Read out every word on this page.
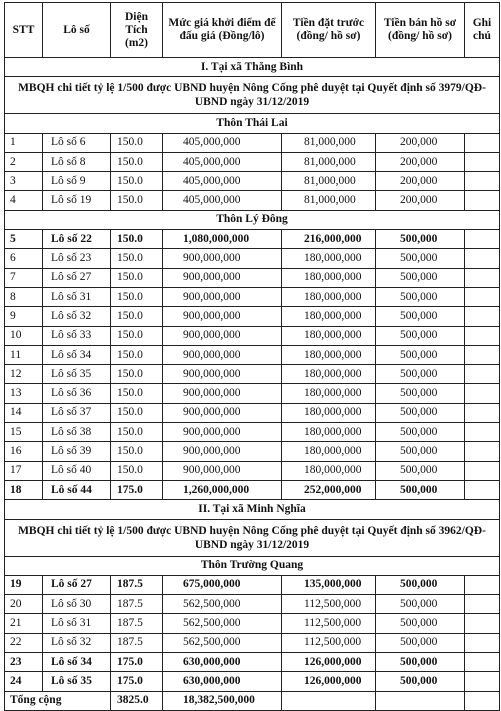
STT	Lô số	Diện Tích (m2)	Mức giá khởi điểm để đấu giá (Đồng/lô)	Tiền đặt trước (đồng/ hồ sơ)	Tiền bán hồ sơ (đồng/ hồ sơ)	Ghi chú
I. Tại xã Thăng Bình						
MBQH chi tiết tỷ lệ 1/500 được UBND huyện Nông Cống phê duyệt tại Quyết định số 3979/QĐ-UBND ngày 31/12/2019						
Thôn Thái Lai						
1	Lô số 6	150.0	405,000,000	81,000,000	200,000	
2	Lô số 8	150.0	405,000,000	81,000,000	200,000	
3	Lô số 9	150.0	405,000,000	81,000,000	200,000	
4	Lô số 19	150.0	405,000,000	81,000,000	200,000	
Thôn Lý Đông						
5	Lô số 22	150.0	1,080,000,000	216,000,000	500,000	
6	Lô số 23	150.0	900,000,000	180,000,000	500,000	
7	Lô số 27	150.0	900,000,000	180,000,000	500,000	
8	Lô số 31	150.0	900,000,000	180,000,000	500,000	
9	Lô số 32	150.0	900,000,000	180,000,000	500,000	
10	Lô số 33	150.0	900,000,000	180,000,000	500,000	
11	Lô số 34	150.0	900,000,000	180,000,000	500,000	
12	Lô số 35	150.0	900,000,000	180,000,000	500,000	
13	Lô số 36	150.0	900,000,000	180,000,000	500,000	
14	Lô số 37	150.0	900,000,000	180,000,000	500,000	
15	Lô số 38	150.0	900,000,000	180,000,000	500,000	
16	Lô số 39	150.0	900,000,000	180,000,000	500,000	
17	Lô số 40	150.0	900,000,000	180,000,000	500,000	
18	Lô số 44	175.0	1,260,000,000	252,000,000	500,000	
II. Tại xã Minh Nghĩa						
MBQH chi tiết tỷ lệ 1/500 được UBND huyện Nông Cống phê duyệt tại Quyết định số 3962/QĐ-UBND ngày 31/12/2019						
Thôn Trường Quang						
19	Lô số 27	187.5	675,000,000	135,000,000	500,000	
20	Lô số 30	187.5	562,500,000	112,500,000	500,000	
21	Lô số 31	187.5	562,500,000	112,500,000	500,000	
22	Lô số 32	187.5	562,500,000	112,500,000	500,000	
23	Lô số 34	175.0	630,000,000	126,000,000	500,000	
24	Lô số 35	175.0	630,000,000	126,000,000	500,000	
Tổng cộng		3825.0	18,382,500,000			
